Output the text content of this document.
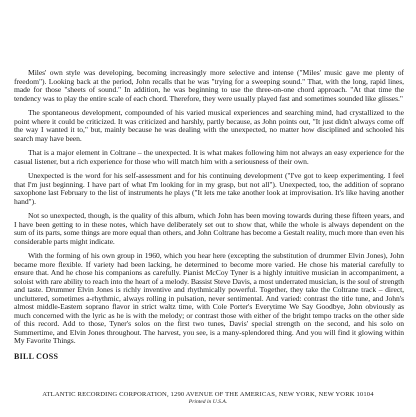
Miles' own style was developing, becoming increasingly more selective and intense ("Miles' music gave me plenty of freedom"). Looking back at the period, John recalls that he was "trying for a sweeping sound." That, with the long, rapid lines, made for those "sheets of sound." In addition, he was beginning to use the three-on-one chord approach. "At that time the tendency was to play the entire scale of each chord. Therefore, they were usually played fast and sometimes sounded like glisses."

The spontaneous development, compounded of his varied musical experiences and searching mind, had crystallized to the point where it could be criticized. It was criticized and harshly, partly because, as John points out, "It just didn't always come off the way I wanted it to," but, mainly because he was dealing with the unexpected, no matter how disciplined and schooled his search may have been.

That is a major element in Coltrane – the unexpected. It is what makes following him not always an easy experience for the casual listener, but a rich experience for those who will match him with a seriousness of their own.

Unexpected is the word for his self-assessment and for his continuing development ("I've got to keep experimenting. I feel that I'm just beginning. I have part of what I'm looking for in my grasp, but not all"). Unexpected, too, the addition of soprano saxophone last February to the list of instruments he plays ("It lets me take another look at improvisation. It's like having another hand").

Not so unexpected, though, is the quality of this album, which John has been moving towards during these fifteen years, and I have been getting to in these notes, which have deliberately set out to show that, while the whole is always dependent on the sum of its parts, some things are more equal than others, and John Coltrane has become a Gestalt reality, much more than even his considerable parts might indicate.

With the forming of his own group in 1960, which you hear here (excepting the substitution of drummer Elvin Jones), John became more flexible. If variety had been lacking, he determined to become more varied. He chose his material carefully to ensure that. And he chose his companions as carefully. Pianist McCoy Tyner is a highly intuitive musician in accompaniment, a soloist with rare ability to reach into the heart of a melody. Bassist Steve Davis, a most underrated musician, is the soul of strength and taste. Drummer Elvin Jones is richly inventive and rhythmically powerful. Together, they take the Coltrane track – direct, uncluttered, sometimes a-rhythmic, always rolling in pulsation, never sentimental. And varied: contrast the title tune, and John's almost middle-Eastern soprano flavor in strict waltz time, with Cole Porter's Everytime We Say Goodbye, John obviously as much concerned with the lyric as he is with the melody; or contrast those with either of the bright tempo tracks on the other side of this record. Add to those, Tyner's solos on the first two tunes, Davis' special strength on the second, and his solo on Summertime, and Elvin Jones throughout. The harvest, you see, is a many-splendored thing. And you will find it glowing within My Favorite Things.

BILL COSS
ATLANTIC RECORDING CORPORATION, 1290 AVENUE OF THE AMERICAS, NEW YORK, NEW YORK 10104
Printed in U.S.A.
